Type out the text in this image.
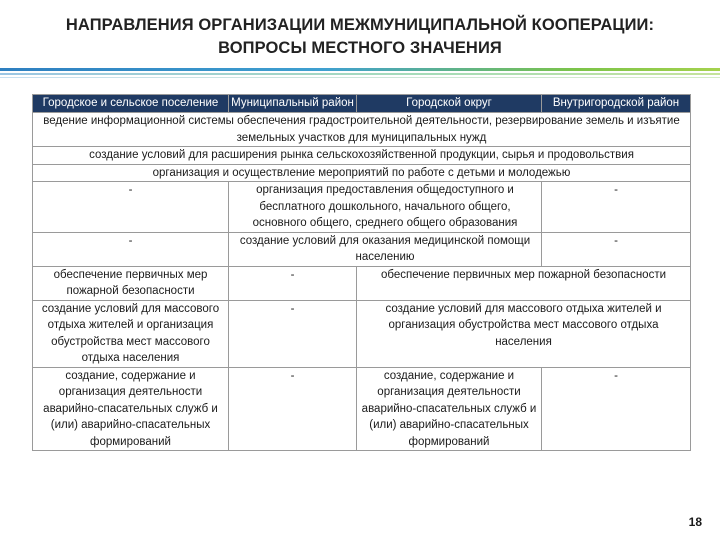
НАПРАВЛЕНИЯ ОРГАНИЗАЦИИ МЕЖМУНИЦИПАЛЬНОЙ КООПЕРАЦИИ:
ВОПРОСЫ МЕСТНОГО ЗНАЧЕНИЯ
Городское и сельское поселение	Муниципальный район	Городской округ	Внутригородской район
ведение информационной системы обеспечения градостроительной деятельности, резервирование земель и изъятие земельных участков для муниципальных нужд			
создание условий для расширения рынка сельскохозяйственной продукции, сырья и продовольствия			
организация и осуществление мероприятий по работе с детьми и молодежью			
-	организация предоставления общедоступного и бесплатного дошкольного, начального общего, основного общего, среднего общего образования		-
-	создание условий для оказания медицинской помощи населению		-
обеспечение первичных мер пожарной безопасности	-	обеспечение первичных мер пожарной безопасности	
создание условий для массового отдыха жителей и организация обустройства мест массового отдыха населения	-	создание условий для массового отдыха жителей и организация обустройства мест массового отдыха населения	
создание, содержание и организация деятельности аварийно-спасательных служб и (или) аварийно-спасательных формирований	-	создание, содержание и организация деятельности аварийно-спасательных служб и (или) аварийно-спасательных формирований	-
18
